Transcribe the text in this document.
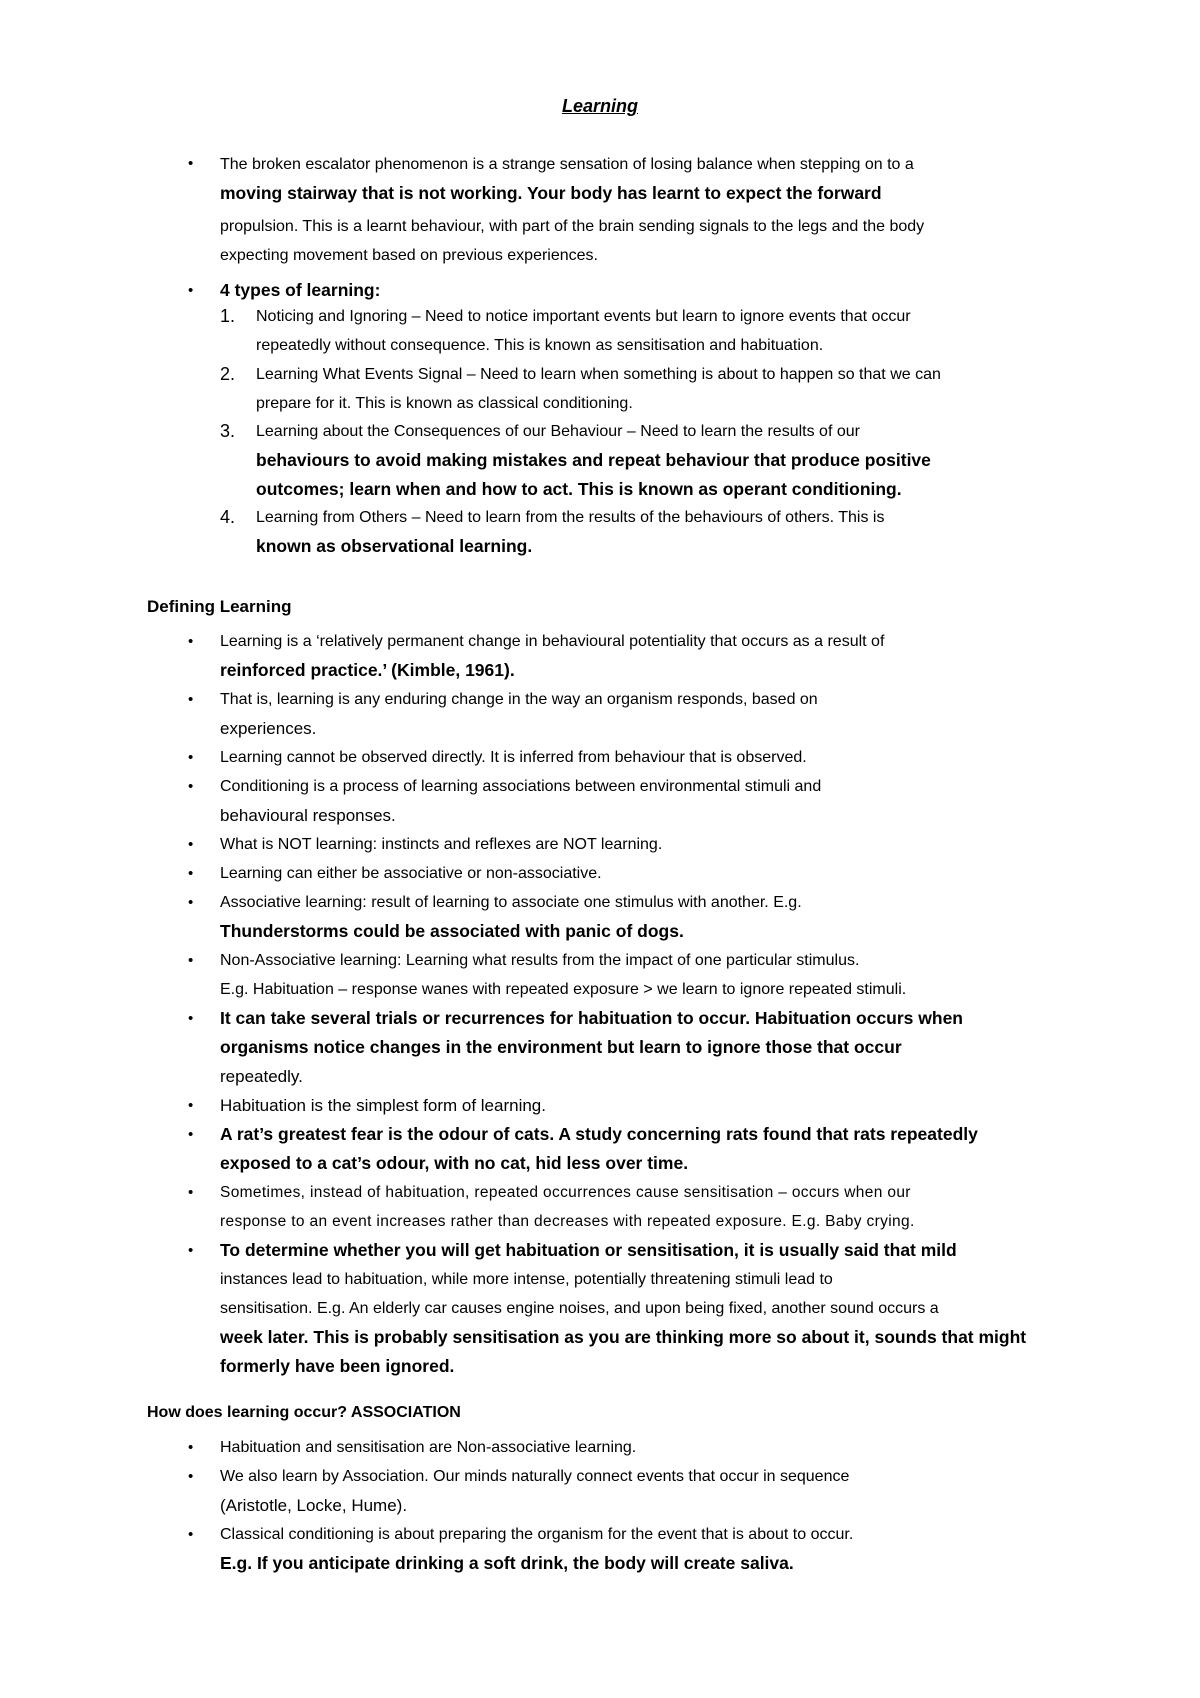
Learning
• The broken escalator phenomenon is a strange sensation of losing balance when stepping on to a
moving stairway that is not working. Your body has learnt to expect the forward
propulsion. This is a learnt behaviour, with part of the brain sending signals to the legs and the body
expecting movement based on previous experiences.
• 4 types of learning:
1. Noticing and Ignoring – Need to notice important events but learn to ignore events that occur
repeatedly without consequence. This is known as sensitisation and habituation.
2. Learning What Events Signal – Need to learn when something is about to happen so that we can
prepare for it. This is known as classical conditioning.
3. Learning about the Consequences of our Behaviour – Need to learn the results of our
behaviours to avoid making mistakes and repeat behaviour that produce positive
outcomes; learn when and how to act. This is known as operant conditioning.
4. Learning from Others – Need to learn from the results of the behaviours of others. This is
known as observational learning.
Defining Learning
• Learning is a ‘relatively permanent change in behavioural potentiality that occurs as a result of
reinforced practice.’ (Kimble, 1961).
• That is, learning is any enduring change in the way an organism responds, based on
experiences.
• Learning cannot be observed directly. It is inferred from behaviour that is observed.
• Conditioning is a process of learning associations between environmental stimuli and
behavioural responses.
• What is NOT learning: instincts and reflexes are NOT learning.
• Learning can either be associative or non-associative.
• Associative learning: result of learning to associate one stimulus with another. E.g.
Thunderstorms could be associated with panic of dogs.
• Non-Associative learning: Learning what results from the impact of one particular stimulus.
E.g. Habituation – response wanes with repeated exposure > we learn to ignore repeated stimuli.
• It can take several trials or recurrences for habituation to occur. Habituation occurs when
organisms notice changes in the environment but learn to ignore those that occur
repeatedly.
• Habituation is the simplest form of learning.
• A rat’s greatest fear is the odour of cats. A study concerning rats found that rats repeatedly
exposed to a cat’s odour, with no cat, hid less over time.
• Sometimes, instead of habituation, repeated occurrences cause sensitisation – occurs when our
response to an event increases rather than decreases with repeated exposure. E.g. Baby crying.
• To determine whether you will get habituation or sensitisation, it is usually said that mild
instances lead to habituation, while more intense, potentially threatening stimuli lead to
sensitisation. E.g. An elderly car causes engine noises, and upon being fixed, another sound occurs a
week later. This is probably sensitisation as you are thinking more so about it, sounds that might
formerly have been ignored.
How does learning occur? ASSOCIATION
• Habituation and sensitisation are Non-associative learning.
• We also learn by Association. Our minds naturally connect events that occur in sequence
(Aristotle, Locke, Hume).
• Classical conditioning is about preparing the organism for the event that is about to occur.
E.g. If you anticipate drinking a soft drink, the body will create saliva.
